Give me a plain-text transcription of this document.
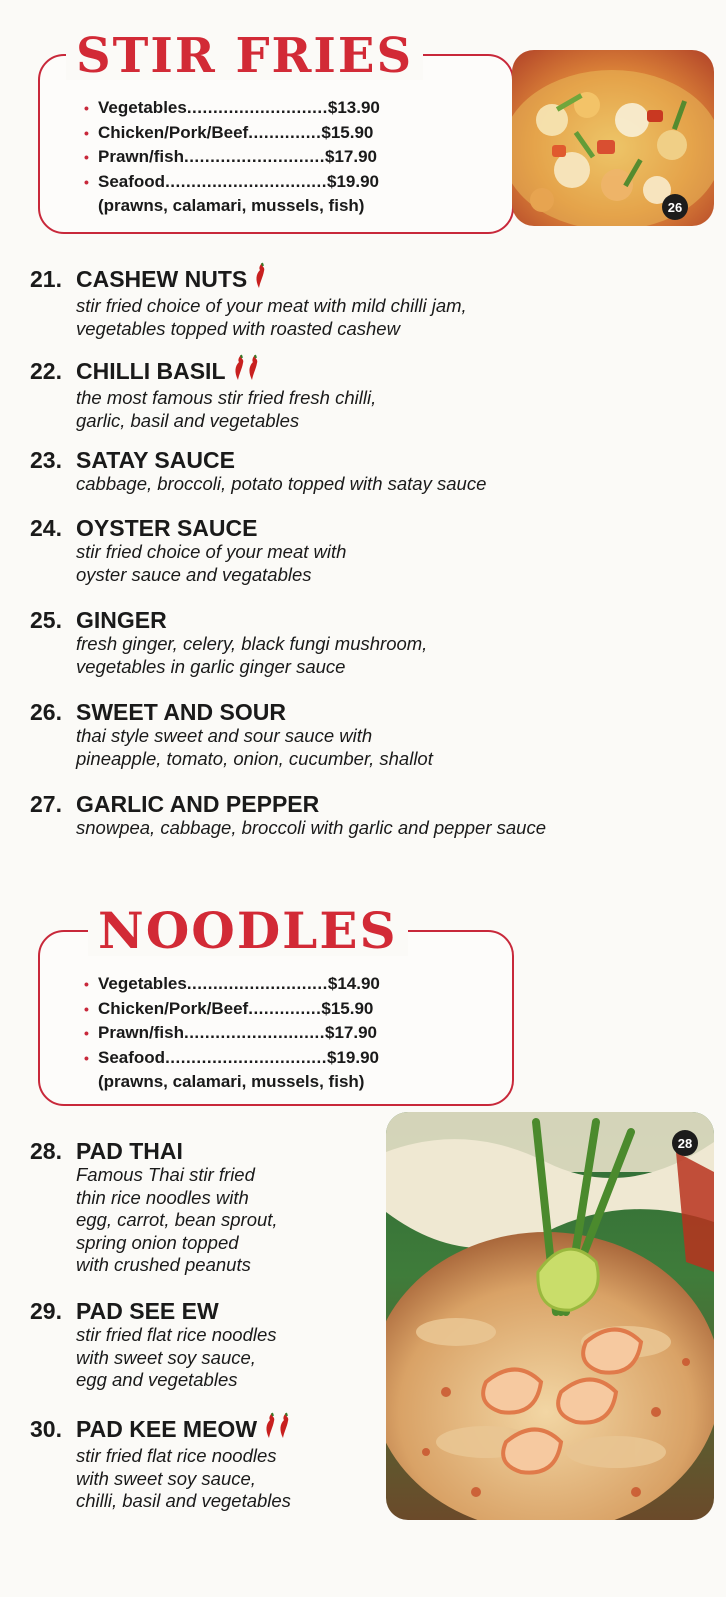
STIR FRIES
• Vegetables ........................... $13.90
• Chicken/Pork/Beef .............. $15.90
• Prawn/fish ........................... $17.90
• Seafood ............................... $19.90
(prawns, calamari, mussels, fish)	26
21. CASHEW NUTS
stir fried choice of your meat with mild chilli jam,
vegetables topped with roasted cashew
22. CHILLI BASIL
the most famous stir fried fresh chilli,
garlic, basil and vegetables
23. SATAY SAUCE
cabbage, broccoli, potato topped with satay sauce
24. OYSTER SAUCE
stir fried choice of your meat with
oyster sauce and vegatables
25. GINGER
fresh ginger, celery, black fungi mushroom,
vegetables in garlic ginger sauce
26. SWEET AND SOUR
thai style sweet and sour sauce with
pineapple, tomato, onion, cucumber, shallot
27. GARLIC AND PEPPER
snowpea, cabbage, broccoli with garlic and pepper sauce
NOODLES
• Vegetables ........................... $14.90
• Chicken/Pork/Beef .............. $15.90
• Prawn/fish ........................... $17.90
• Seafood ............................... $19.90
(prawns, calamari, mussels, fish)
28
28. PAD THAI
Famous Thai stir fried
thin rice noodles with
egg, carrot, bean sprout,
spring onion topped
with crushed peanuts
29. PAD SEE EW
stir fried flat rice noodles
with sweet soy sauce,
egg and vegetables
30. PAD KEE MEOW
stir fried flat rice noodles
with sweet soy sauce,
chilli, basil and vegetables
